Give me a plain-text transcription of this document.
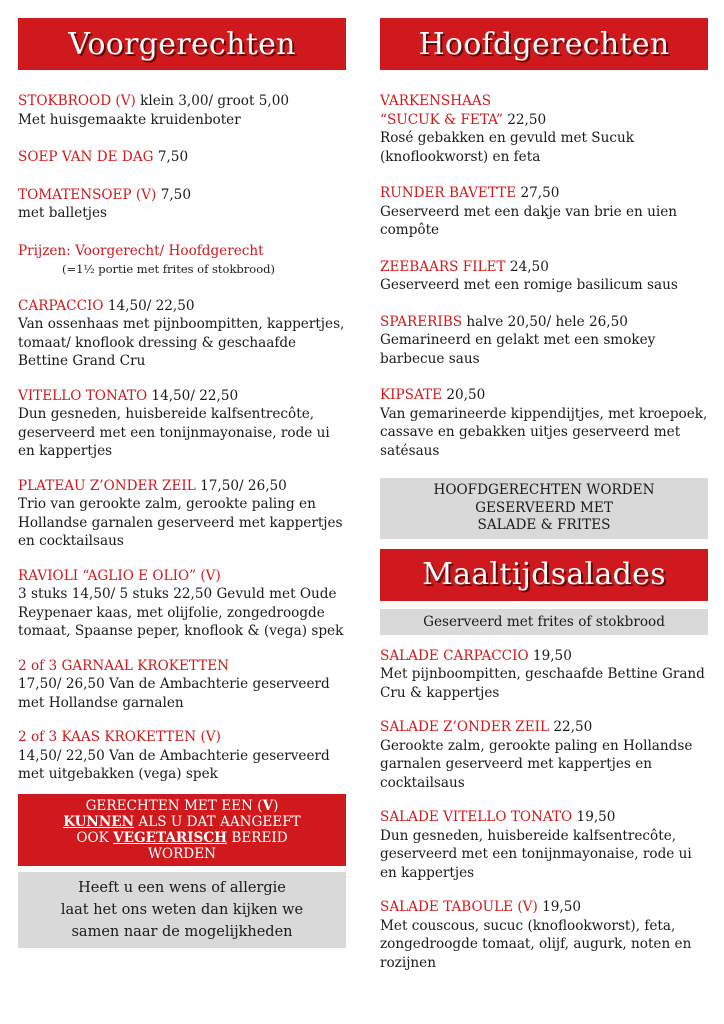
Voorgerechten
STOKBROOD (V) klein 3,00/ groot 5,00
Met huisgemaakte kruidenboter
SOEP VAN DE DAG 7,50
TOMATENSOEP (V) 7,50
met balletjes
Prijzen: Voorgerecht/ Hoofdgerecht
(=1½ portie met frites of stokbrood)
CARPACCIO 14,50/ 22,50
Van ossenhaas met pijnboompitten, kappertjes, tomaat/ knoflook dressing & geschaafde Bettine Grand Cru
VITELLO TONATO 14,50/ 22,50
Dun gesneden, huisbereide kalfsentrecôte, geserveerd met een tonijnmayonaise, rode ui en kappertjes
PLATEAU Z’ONDER ZEIL 17,50/ 26,50
Trio van gerookte zalm, gerookte paling en Hollandse garnalen geserveerd met kappertjes en cocktailsaus
RAVIOLI “AGLIO E OLIO” (V)
3 stuks 14,50/ 5 stuks 22,50 Gevuld met Oude Reypenaer kaas, met olijfolie, zongedroogde tomaat, Spaanse peper, knoflook & (vega) spek
2 of 3 GARNAAL KROKETTEN
17,50/ 26,50 Van de Ambachterie geserveerd met Hollandse garnalen
2 of 3 KAAS KROKETTEN (V)
14,50/ 22,50 Van de Ambachterie geserveerd met uitgebakken (vega) spek
GERECHTEN MET EEN (V)
KUNNEN ALS U DAT AANGEEFT
OOK VEGETARISCH BEREID
WORDEN
Heeft u een wens of allergie
laat het ons weten dan kijken we
samen naar de mogelijkheden
Hoofdgerechten
VARKENSHAAS
“SUCUK & FETA” 22,50
Rosé gebakken en gevuld met Sucuk (knoflookworst) en feta
RUNDER BAVETTE 27,50
Geserveerd met een dakje van brie en uien compôte
ZEEBAARS FILET 24,50
Geserveerd met een romige basilicum saus
SPARERIBS halve 20,50/ hele 26,50
Gemarineerd en gelakt met een smokey barbecue saus
KIPSATE 20,50
Van gemarineerde kippendijtjes, met kroepoek, cassave en gebakken uitjes geserveerd met satésaus
HOOFDGERECHTEN WORDEN
GESERVEERD MET
SALADE & FRITES
Maaltijdsalades
Geserveerd met frites of stokbrood
SALADE CARPACCIO 19,50
Met pijnboompitten, geschaafde Bettine Grand Cru & kappertjes
SALADE Z’ONDER ZEIL 22,50
Gerookte zalm, gerookte paling en Hollandse garnalen geserveerd met kappertjes en cocktailsaus
SALADE VITELLO TONATO 19,50
Dun gesneden, huisbereide kalfsentrecôte, geserveerd met een tonijnmayonaise, rode ui en kappertjes
SALADE TABOULE (V) 19,50
Met couscous, sucuc (knoflookworst), feta, zongedroogde tomaat, olijf, augurk, noten en rozijnen
